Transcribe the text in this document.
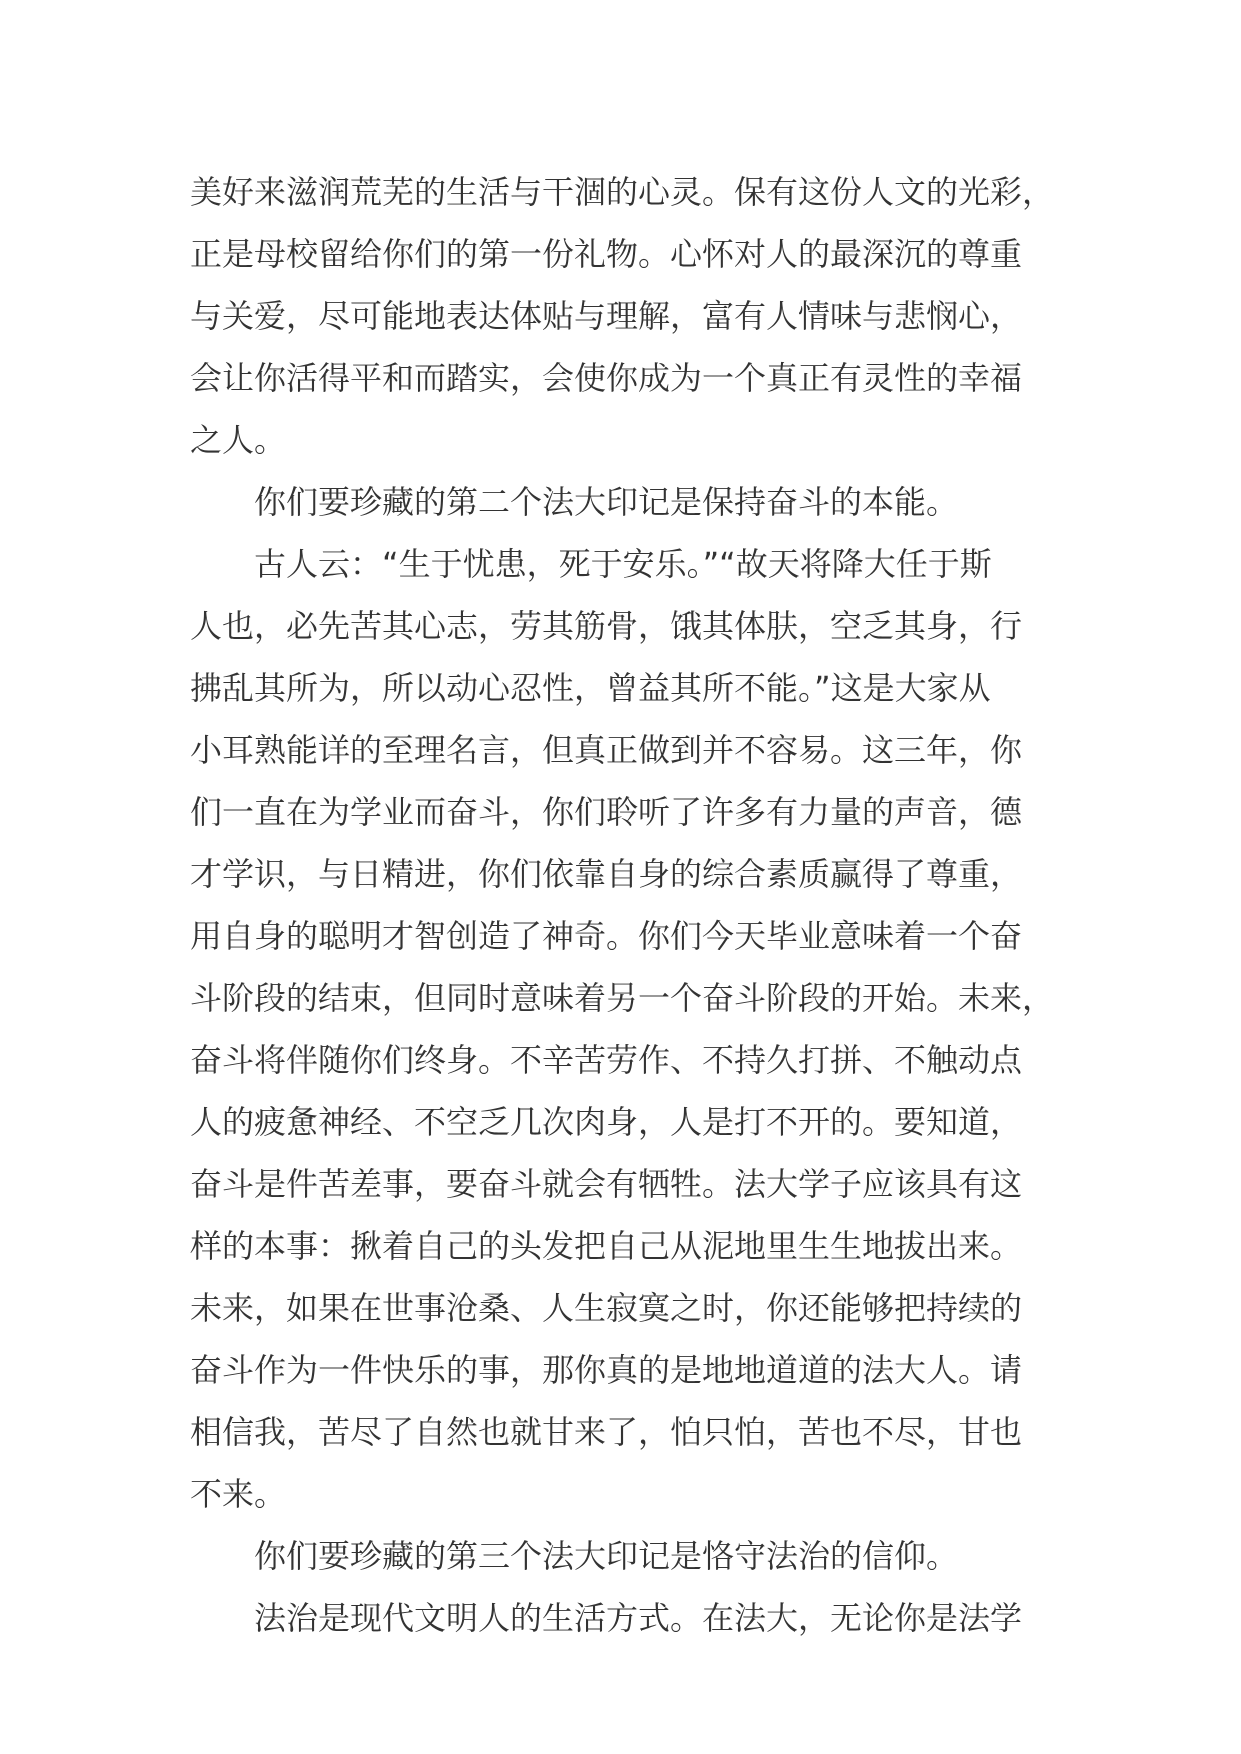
美好来滋润荒芜的生活与干涸的心灵。保有这份人文的光彩，
正是母校留给你们的第一份礼物。心怀对人的最深沉的尊重
与关爱，尽可能地表达体贴与理解，富有人情味与悲悯心，
会让你活得平和而踏实，会使你成为一个真正有灵性的幸福
之人。
你们要珍藏的第二个法大印记是保持奋斗的本能。
古人云：“生于忧患，死于安乐。”“故天将降大任于斯
人也，必先苦其心志，劳其筋骨，饿其体肤，空乏其身，行
拂乱其所为，所以动心忍性，曾益其所不能。”这是大家从
小耳熟能详的至理名言，但真正做到并不容易。这三年，你
们一直在为学业而奋斗，你们聆听了许多有力量的声音，德
才学识，与日精进，你们依靠自身的综合素质赢得了尊重，
用自身的聪明才智创造了神奇。你们今天毕业意味着一个奋
斗阶段的结束，但同时意味着另一个奋斗阶段的开始。未来，
奋斗将伴随你们终身。不辛苦劳作、不持久打拼、不触动点
人的疲惫神经、不空乏几次肉身，人是打不开的。要知道，
奋斗是件苦差事，要奋斗就会有牺牲。法大学子应该具有这
样的本事：揪着自己的头发把自己从泥地里生生地拔出来。
未来，如果在世事沧桑、人生寂寞之时，你还能够把持续的
奋斗作为一件快乐的事，那你真的是地地道道的法大人。请
相信我，苦尽了自然也就甘来了，怕只怕，苦也不尽，甘也
不来。
你们要珍藏的第三个法大印记是恪守法治的信仰。
法治是现代文明人的生活方式。在法大，无论你是法学
